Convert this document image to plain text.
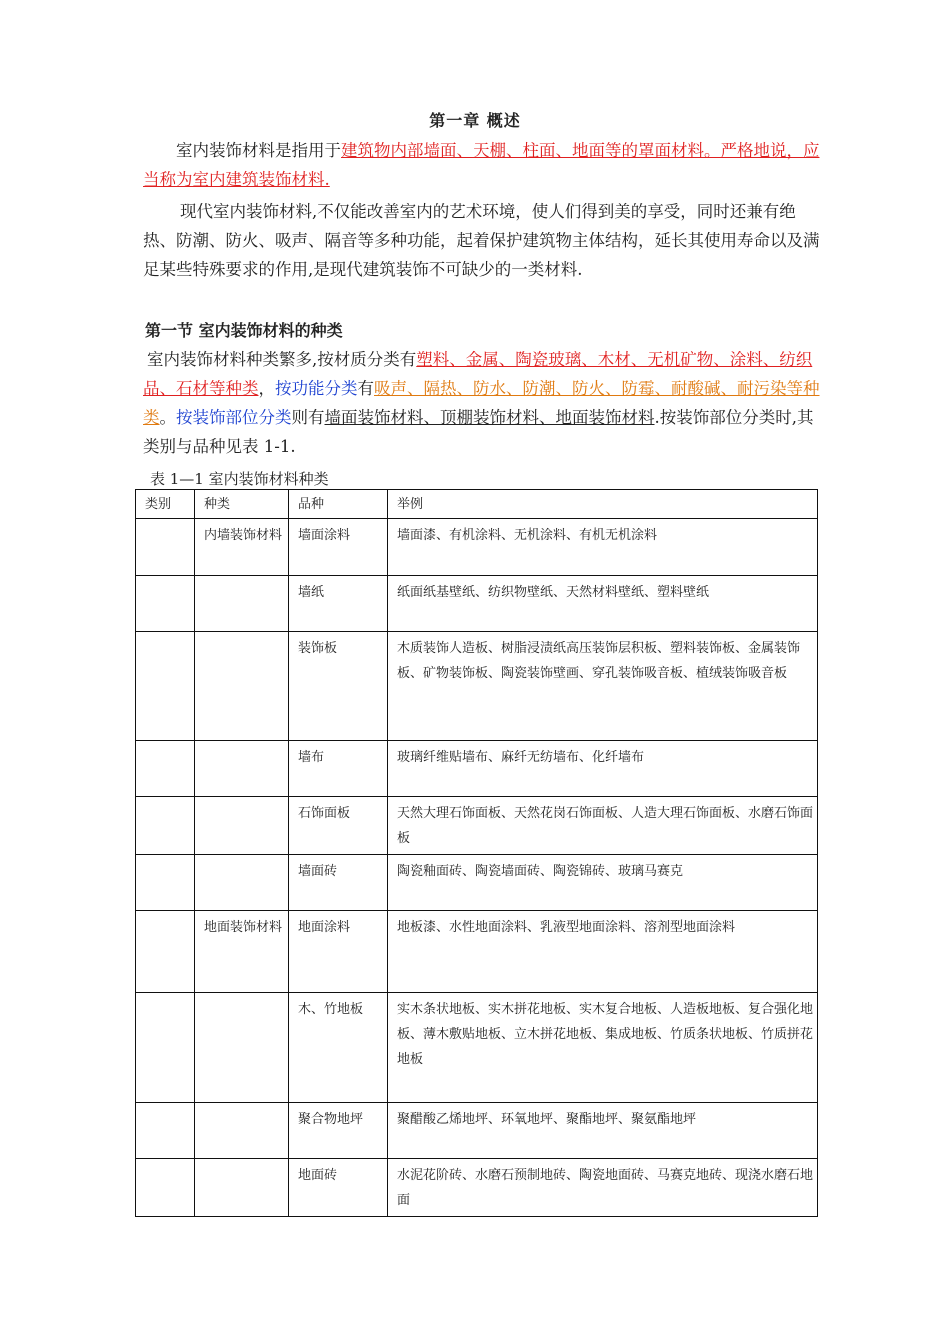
第一章 概述
室内装饰材料是指用于建筑物内部墙面、天棚、柱面、地面等的罩面材料。严格地说，应当称为室内建筑装饰材料.
现代室内装饰材料,不仅能改善室内的艺术环境，使人们得到美的享受，同时还兼有绝热、防潮、防火、吸声、隔音等多种功能，起着保护建筑物主体结构，延长其使用寿命以及满足某些特殊要求的作用,是现代建筑装饰不可缺少的一类材料.
第一节 室内装饰材料的种类
室内装饰材料种类繁多,按材质分类有塑料、金属、陶瓷玻璃、木材、无机矿物、涂料、纺织品、石材等种类，按功能分类有吸声、隔热、防水、防潮、防火、防霉、耐酸碱、耐污染等种类。按装饰部位分类则有墙面装饰材料、顶棚装饰材料、地面装饰材料.按装饰部位分类时,其类别与品种见表 1-1.
表 1—1 室内装饰材料种类
类别	种类	品种	举例
	内墙装饰材料	墙面涂料	墙面漆、有机涂料、无机涂料、有机无机涂料
		墙纸	纸面纸基壁纸、纺织物壁纸、天然材料壁纸、塑料壁纸
		装饰板	木质装饰人造板、树脂浸渍纸高压装饰层积板、塑料装饰板、金属装饰板、矿物装饰板、陶瓷装饰壁画、穿孔装饰吸音板、植绒装饰吸音板
		墙布	玻璃纤维贴墙布、麻纤无纺墙布、化纤墙布
		石饰面板	天然大理石饰面板、天然花岗石饰面板、人造大理石饰面板、水磨石饰面板
		墙面砖	陶瓷釉面砖、陶瓷墙面砖、陶瓷锦砖、玻璃马赛克
	地面装饰材料	地面涂料	地板漆、水性地面涂料、乳液型地面涂料、溶剂型地面涂料
		木、竹地板	实木条状地板、实木拼花地板、实木复合地板、人造板地板、复合强化地板、薄木敷贴地板、立木拼花地板、集成地板、竹质条状地板、竹质拼花地板
		聚合物地坪	聚醋酸乙烯地坪、环氧地坪、聚酯地坪、聚氨酯地坪
		地面砖	水泥花阶砖、水磨石预制地砖、陶瓷地面砖、马赛克地砖、现浇水磨石地面
